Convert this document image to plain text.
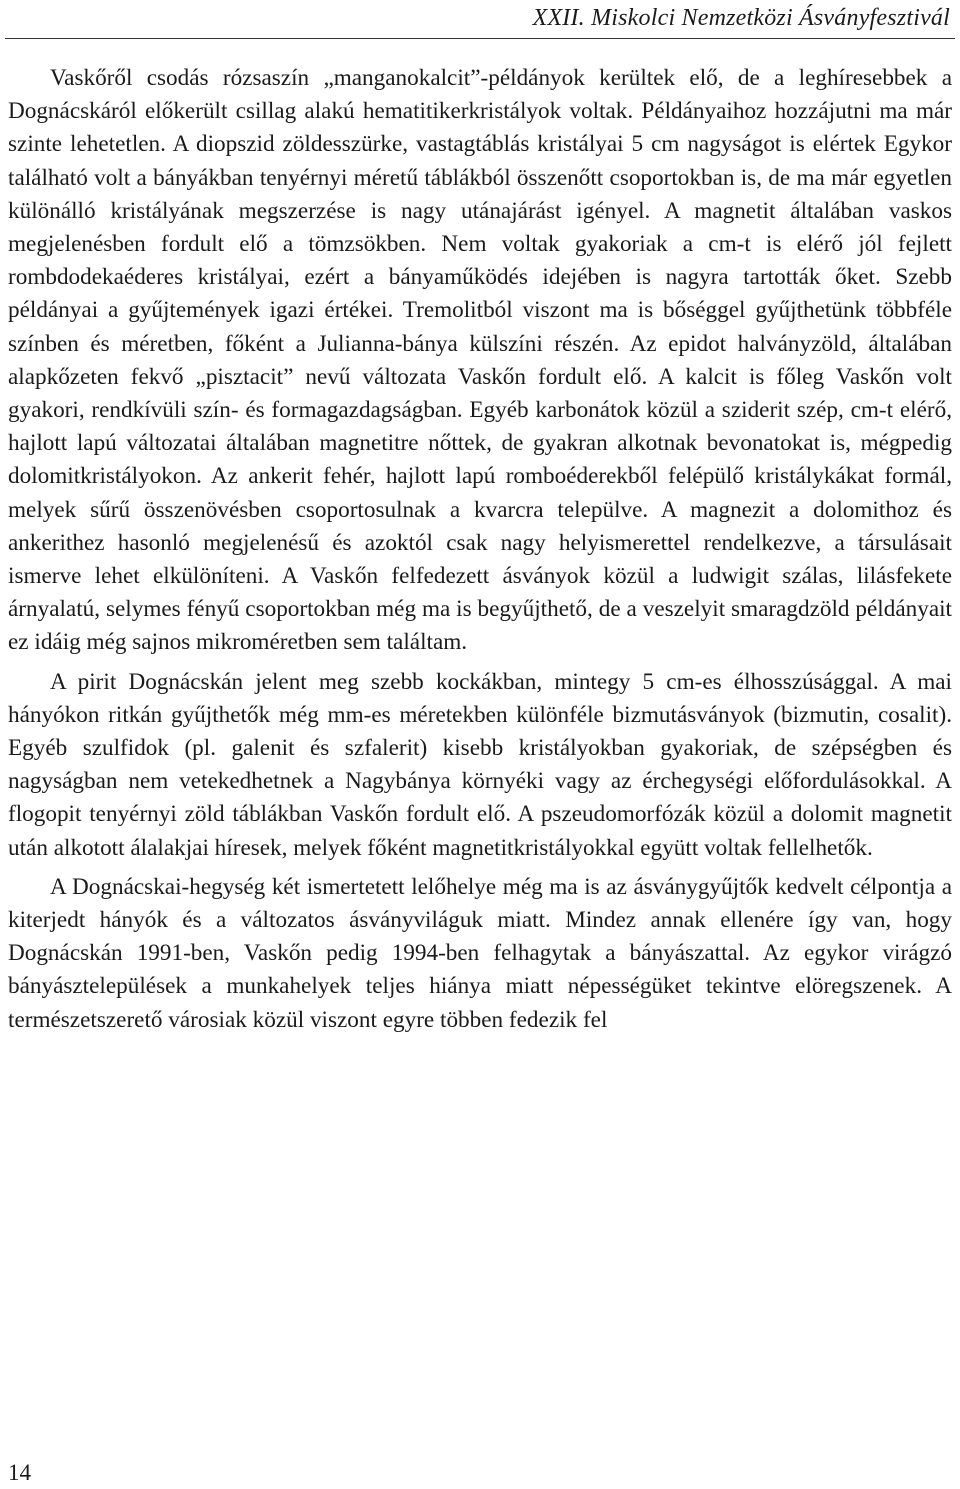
XXII. Miskolci Nemzetközi Ásványfesztivál

Vaskőről csodás rózsaszín „manganokalcit”-példányok kerültek elő, de a leghíresebbek a Dognácskáról előkerült csillag alakú hematitikerkristályok voltak. Példányaihoz hozzájutni ma már szinte lehetetlen. A diopszid zöldesszürke, vastagtáblás kristályai 5 cm nagyságot is elértek Egykor található volt a bányákban tenyérnyi méretű táblákból összenőtt csoportokban is, de ma már egyetlen különálló kristályának megszerzése is nagy utánajárást igényel. A magnetit általában vaskos megjelenésben fordult elő a tömzsökben. Nem voltak gyakoriak a cm-t is elérő jól fejlett rombdodekaéderes kristályai, ezért a bányaműködés idejében is nagyra tartották őket. Szebb példányai a gyűjtemények igazi értékei. Tremolitból viszont ma is bőséggel gyűjthetünk többféle színben és méretben, főként a Julianna-bánya külszíni részén. Az epidot halványzöld, általában alapkőzeten fekvő „pisztacit” nevű változata Vaskőn fordult elő. A kalcit is főleg Vaskőn volt gyakori, rendkívüli szín- és formagazdagságban. Egyéb karbonátok közül a sziderit szép, cm-t elérő, hajlott lapú változatai általában magnetitre nőttek, de gyakran alkotnak bevonatokat is, mégpedig dolomitkristályokon. Az ankerit fehér, hajlott lapú romboéderekből felépülő kristálykákat formál, melyek sűrű összenövésben csoportosulnak a kvarcra települve. A magnezit a dolomithoz és ankerithez hasonló megjelenésű és azoktól csak nagy helyismerettel rendelkezve, a társulásait ismerve lehet elkülöníteni. A Vaskőn felfedezett ásványok közül a ludwigit szálas, lilásfekete árnyalatú, selymes fényű csoportokban még ma is begyűjthető, de a veszelyit smaragdzöld példányait ez idáig még sajnos mikroméretben sem találtam.

A pirit Dognácskán jelent meg szebb kockákban, mintegy 5 cm-es élhosszúsággal. A mai hányókon ritkán gyűjthetők még mm-es méretekben különféle bizmutásványok (bizmutin, cosalit). Egyéb szulfidok (pl. galenit és szfalerit) kisebb kristályokban gyakoriak, de szépségben és nagyságban nem vetekedhetnek a Nagybánya környéki vagy az érchegységi előfordulásokkal. A flogopit tenyérnyi zöld táblákban Vaskőn fordult elő. A pszeudomorfózák közül a dolomit magnetit után alkotott álalakjai híresek, melyek főként magnetitkristályokkal együtt voltak fellelhetők.

A Dognácskai-hegység két ismertetett lelőhelye még ma is az ásványgyűjtők kedvelt célpontja a kiterjedt hányók és a változatos ásványviláguk miatt. Mindez annak ellenére így van, hogy Dognácskán 1991-ben, Vaskőn pedig 1994-ben felhagytak a bányászattal. Az egykor virágzó bányásztelepülések a munkahelyek teljes hiánya miatt népességüket tekintve elöregszenek. A természetszerető városiak közül viszont egyre többen fedezik fel

14
